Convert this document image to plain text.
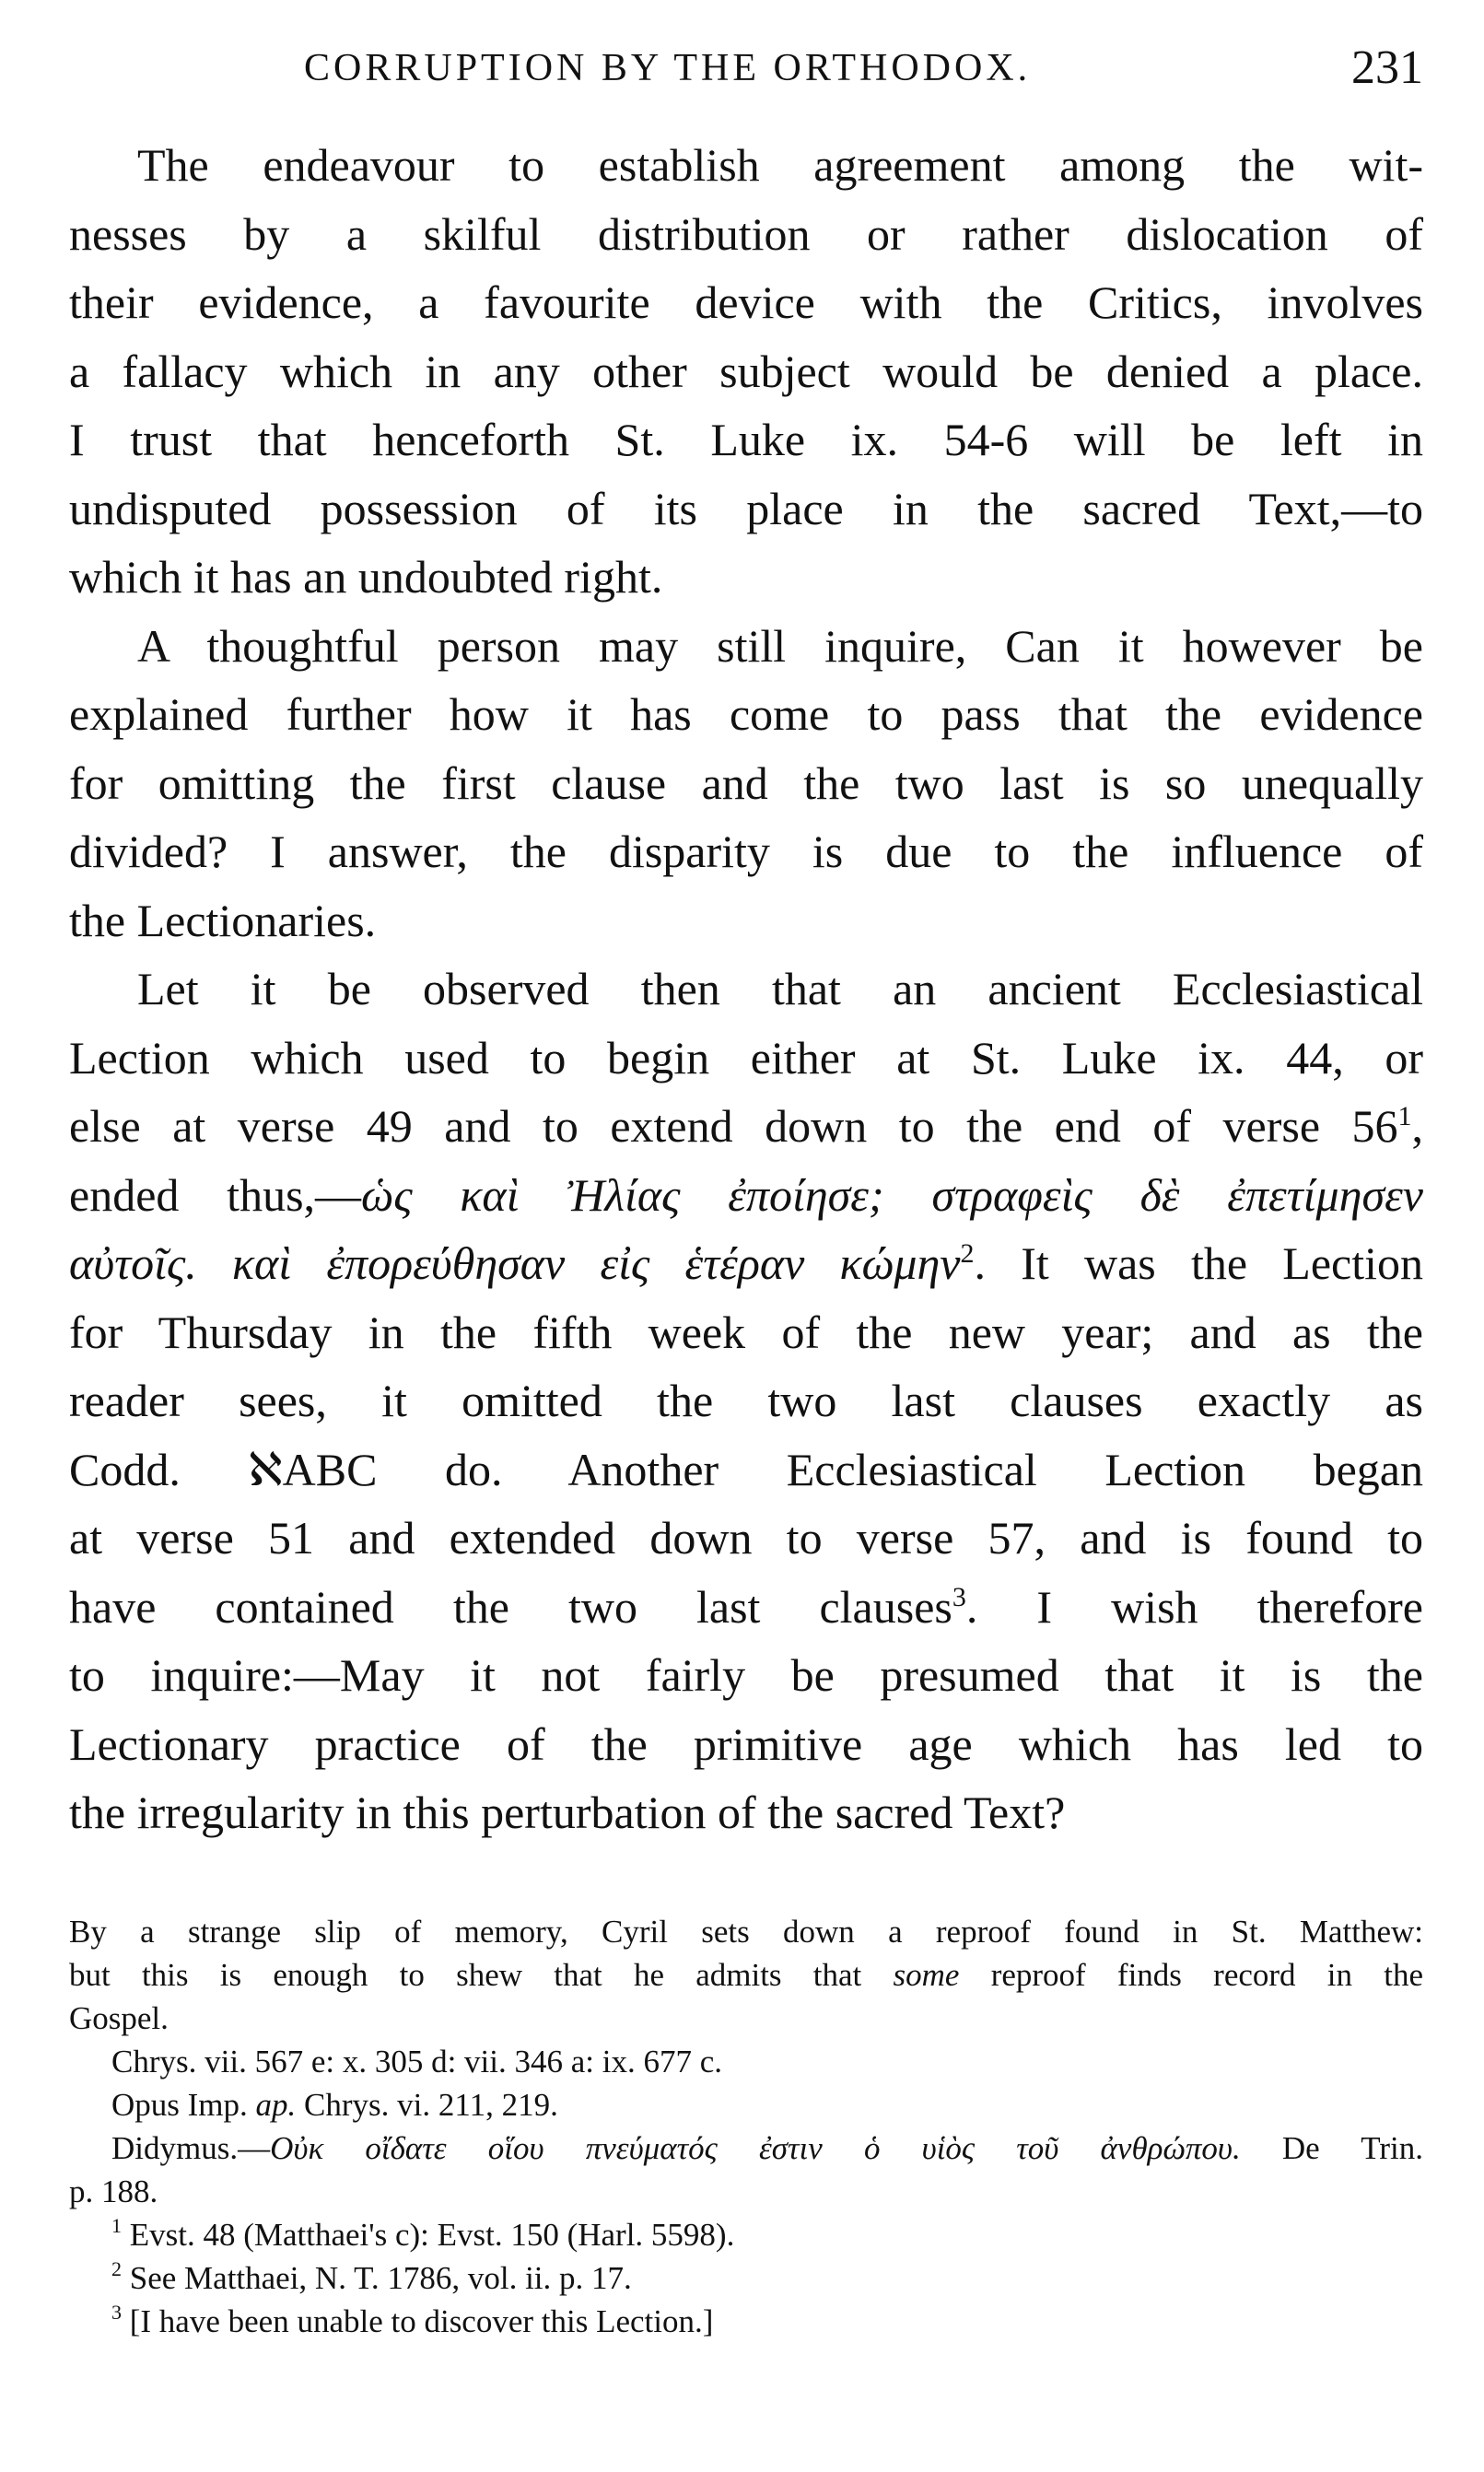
CORRUPTION BY THE ORTHODOX.	231

The endeavour to establish agreement among the wit-
nesses by a skilful distribution or rather dislocation of
their evidence, a favourite device with the Critics, involves
a fallacy which in any other subject would be denied a place.
I trust that henceforth St. Luke ix. 54-6 will be left in
undisputed possession of its place in the sacred Text,—to
which it has an undoubted right.

A thoughtful person may still inquire, Can it however be
explained further how it has come to pass that the evidence
for omitting the first clause and the two last is so unequally
divided? I answer, the disparity is due to the influence of
the Lectionaries.

Let it be observed then that an ancient Ecclesiastical
Lection which used to begin either at St. Luke ix. 44, or
else at verse 49 and to extend down to the end of verse $56^1$,
ended thus,—ὡς καὶ Ἠλίας ἐποίησε; στραφεὶς δὲ ἐπετίμησεν
αὐτοῖς. καὶ ἐπορεύθησαν εἰς ἑτέραν κώμην$^2$. It was the Lection
for Thursday in the fifth week of the new year; and as the
reader sees, it omitted the two last clauses exactly as
Codd. ℵABC do. Another Ecclesiastical Lection began
at verse 51 and extended down to verse 57, and is found to
have contained the two last clauses$^3$. I wish therefore
to inquire:—May it not fairly be presumed that it is the
Lectionary practice of the primitive age which has led to
the irregularity in this perturbation of the sacred Text?

By a strange slip of memory, Cyril sets down a reproof found in St. Matthew:
but this is enough to shew that he admits that some reproof finds record in the
Gospel.
Chrys. vii. 567 e: x. 305 d: vii. 346 a: ix. 677 c.
Opus Imp. ap. Chrys. vi. 211, 219.
Didymus.—Οὐκ οἴδατε οἵου πνεύματός ἐστιν ὁ υἱὸς τοῦ ἀνθρώπου. De Trin.
p. 188.
$^1$ Evst. 48 (Matthaei's c): Evst. 150 (Harl. 5598).
$^2$ See Matthaei, N. T. 1786, vol. ii. p. 17.
$^3$ [I have been unable to discover this Lection.]
